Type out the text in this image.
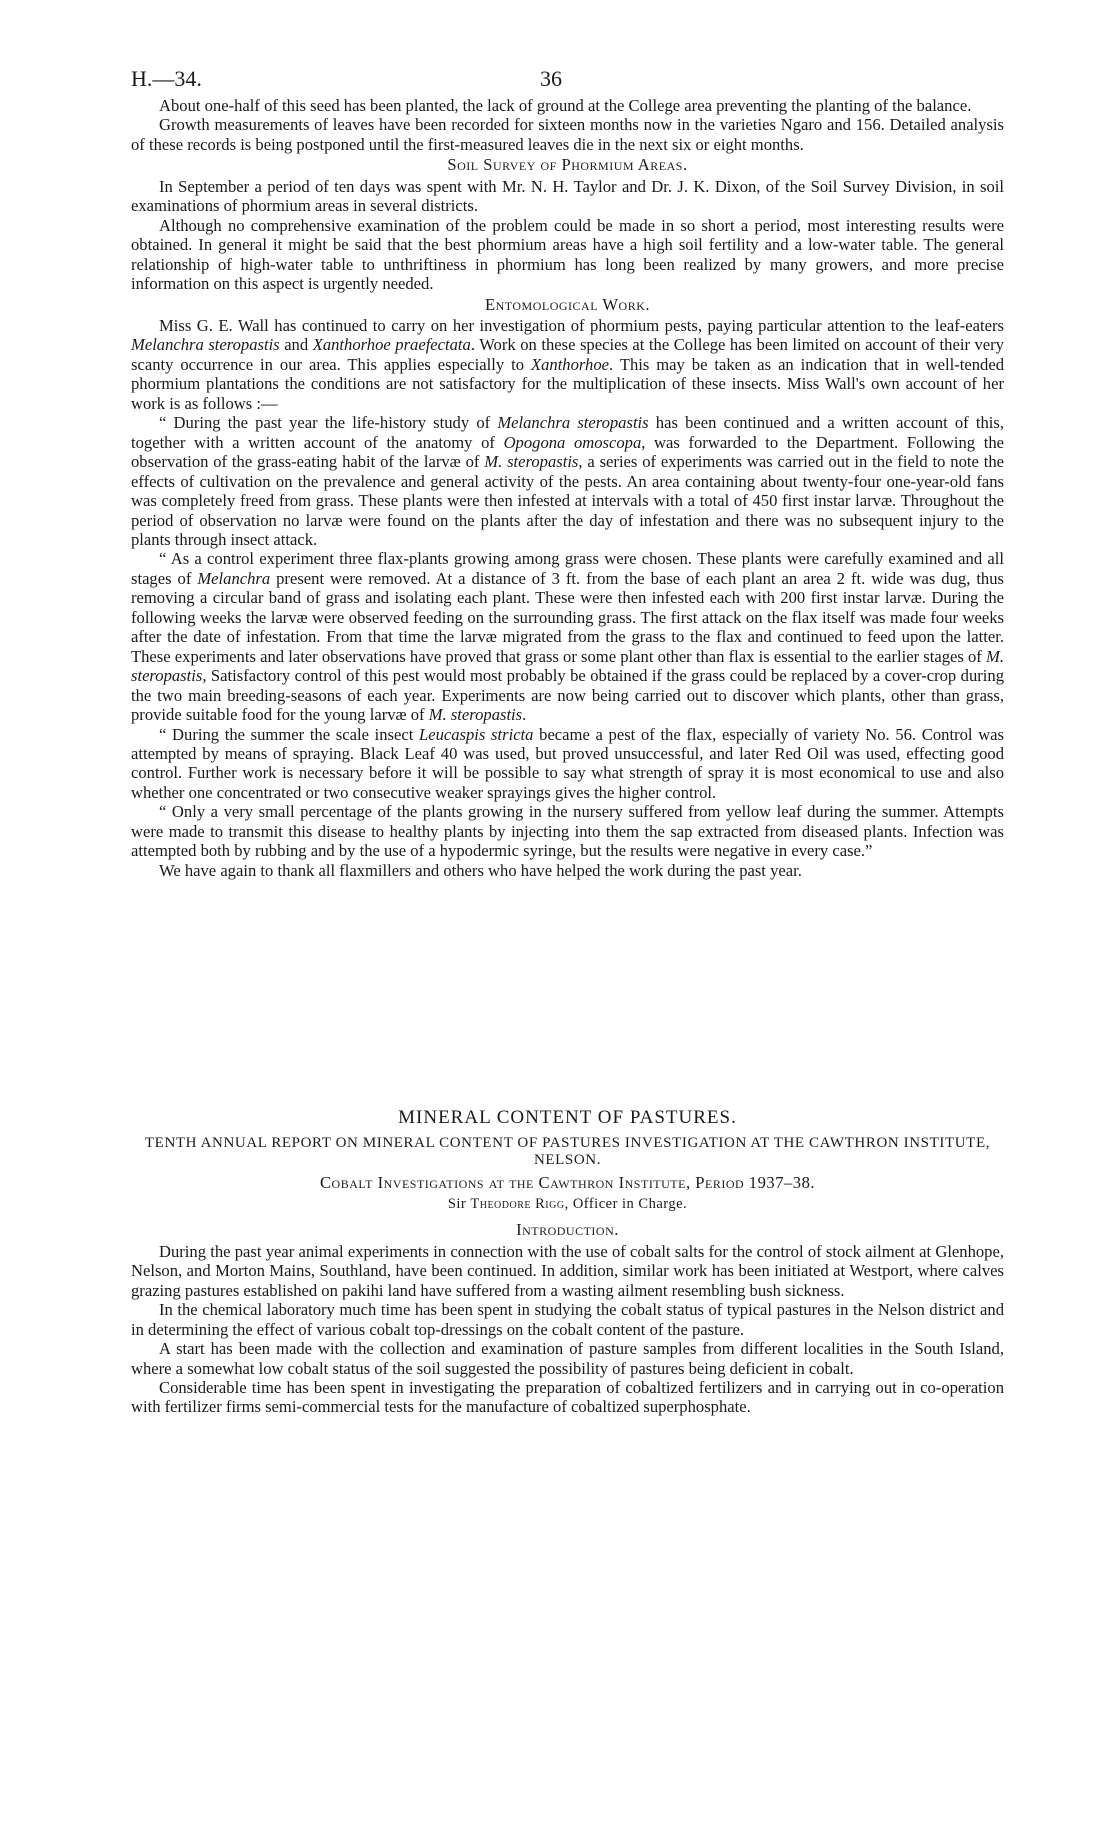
H.—34.	36

About one-half of this seed has been planted, the lack of ground at the College area preventing the planting of the balance.

Growth measurements of leaves have been recorded for sixteen months now in the varieties Ngaro and 156. Detailed analysis of these records is being postponed until the first-measured leaves die in the next six or eight months.

Soil Survey of Phormium Areas.

In September a period of ten days was spent with Mr. N. H. Taylor and Dr. J. K. Dixon, of the Soil Survey Division, in soil examinations of phormium areas in several districts.

Although no comprehensive examination of the problem could be made in so short a period, most interesting results were obtained. In general it might be said that the best phormium areas have a high soil fertility and a low-water table. The general relationship of high-water table to unthriftiness in phormium has long been realized by many growers, and more precise information on this aspect is urgently needed.

Entomological Work.

Miss G. E. Wall has continued to carry on her investigation of phormium pests, paying particular attention to the leaf-eaters Melanchra steropastis and Xanthorhoe praefectata. Work on these species at the College has been limited on account of their very scanty occurrence in our area. This applies especially to Xanthorhoe. This may be taken as an indication that in well-tended phormium plantations the conditions are not satisfactory for the multiplication of these insects. Miss Wall's own account of her work is as follows :—

“ During the past year the life-history study of Melanchra steropastis has been continued and a written account of this, together with a written account of the anatomy of Opogona omoscopa, was forwarded to the Department. Following the observation of the grass-eating habit of the larvæ of M. steropastis, a series of experiments was carried out in the field to note the effects of cultivation on the prevalence and general activity of the pests. An area containing about twenty-four one-year-old fans was completely freed from grass. These plants were then infested at intervals with a total of 450 first instar larvæ. Throughout the period of observation no larvæ were found on the plants after the day of infestation and there was no subsequent injury to the plants through insect attack.

“ As a control experiment three flax-plants growing among grass were chosen. These plants were carefully examined and all stages of Melanchra present were removed. At a distance of 3 ft. from the base of each plant an area 2 ft. wide was dug, thus removing a circular band of grass and isolating each plant. These were then infested each with 200 first instar larvæ. During the following weeks the larvæ were observed feeding on the surrounding grass. The first attack on the flax itself was made four weeks after the date of infestation. From that time the larvæ migrated from the grass to the flax and continued to feed upon the latter. These experiments and later observations have proved that grass or some plant other than flax is essential to the earlier stages of M. steropastis, Satisfactory control of this pest would most probably be obtained if the grass could be replaced by a cover-crop during the two main breeding-seasons of each year. Experiments are now being carried out to discover which plants, other than grass, provide suitable food for the young larvæ of M. steropastis.

“ During the summer the scale insect Leucaspis stricta became a pest of the flax, especially of variety No. 56. Control was attempted by means of spraying. Black Leaf 40 was used, but proved unsuccessful, and later Red Oil was used, effecting good control. Further work is necessary before it will be possible to say what strength of spray it is most economical to use and also whether one concentrated or two consecutive weaker sprayings gives the higher control.

“ Only a very small percentage of the plants growing in the nursery suffered from yellow leaf during the summer. Attempts were made to transmit this disease to healthy plants by injecting into them the sap extracted from diseased plants. Infection was attempted both by rubbing and by the use of a hypodermic syringe, but the results were negative in every case.”

We have again to thank all flaxmillers and others who have helped the work during the past year.

MINERAL CONTENT OF PASTURES.
TENTH ANNUAL REPORT ON MINERAL CONTENT OF PASTURES INVESTIGATION AT THE CAWTHRON INSTITUTE, NELSON.
Cobalt Investigations at the Cawthron Institute, Period 1937–38.
Sir Theodore Rigg, Officer in Charge.
Introduction.

During the past year animal experiments in connection with the use of cobalt salts for the control of stock ailment at Glenhope, Nelson, and Morton Mains, Southland, have been continued. In addition, similar work has been initiated at Westport, where calves grazing pastures established on pakihi land have suffered from a wasting ailment resembling bush sickness.

In the chemical laboratory much time has been spent in studying the cobalt status of typical pastures in the Nelson district and in determining the effect of various cobalt top-dressings on the cobalt content of the pasture.

A start has been made with the collection and examination of pasture samples from different localities in the South Island, where a somewhat low cobalt status of the soil suggested the possibility of pastures being deficient in cobalt.

Considerable time has been spent in investigating the preparation of cobaltized fertilizers and in carrying out in co-operation with fertilizer firms semi-commercial tests for the manufacture of cobaltized superphosphate.
